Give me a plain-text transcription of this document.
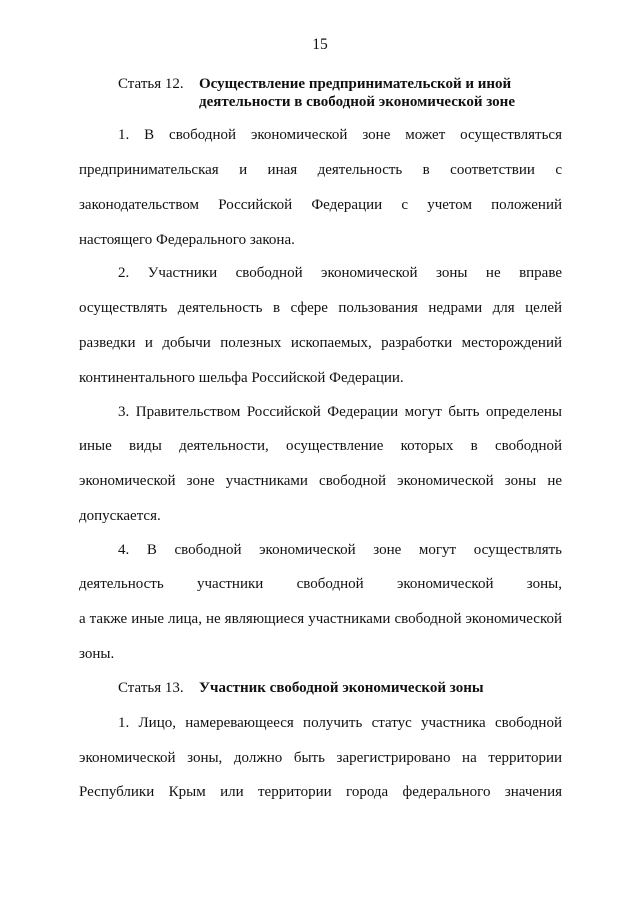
15
Статья 12. Осуществление предпринимательской и иной
деятельности в свободной экономической зоне
1. В свободной экономической зоне может осуществляться
предпринимательская и иная деятельность в соответствии с
законодательством Российской Федерации с учетом положений
настоящего Федерального закона.
2. Участники свободной экономической зоны не вправе
осуществлять деятельность в сфере пользования недрами для целей
разведки и добычи полезных ископаемых, разработки месторождений
континентального шельфа Российской Федерации.
3. Правительством Российской Федерации могут быть определены
иные виды деятельности, осуществление которых в свободной
экономической зоне участниками свободной экономической зоны не
допускается.
4. В свободной экономической зоне могут осуществлять
деятельность участники свободной экономической зоны,
а также иные лица, не являющиеся участниками свободной экономической
зоны.
Статья 13. Участник свободной экономической зоны
1. Лицо, намеревающееся получить статус участника свободной
экономической зоны, должно быть зарегистрировано на территории
Республики Крым или территории города федерального значения
